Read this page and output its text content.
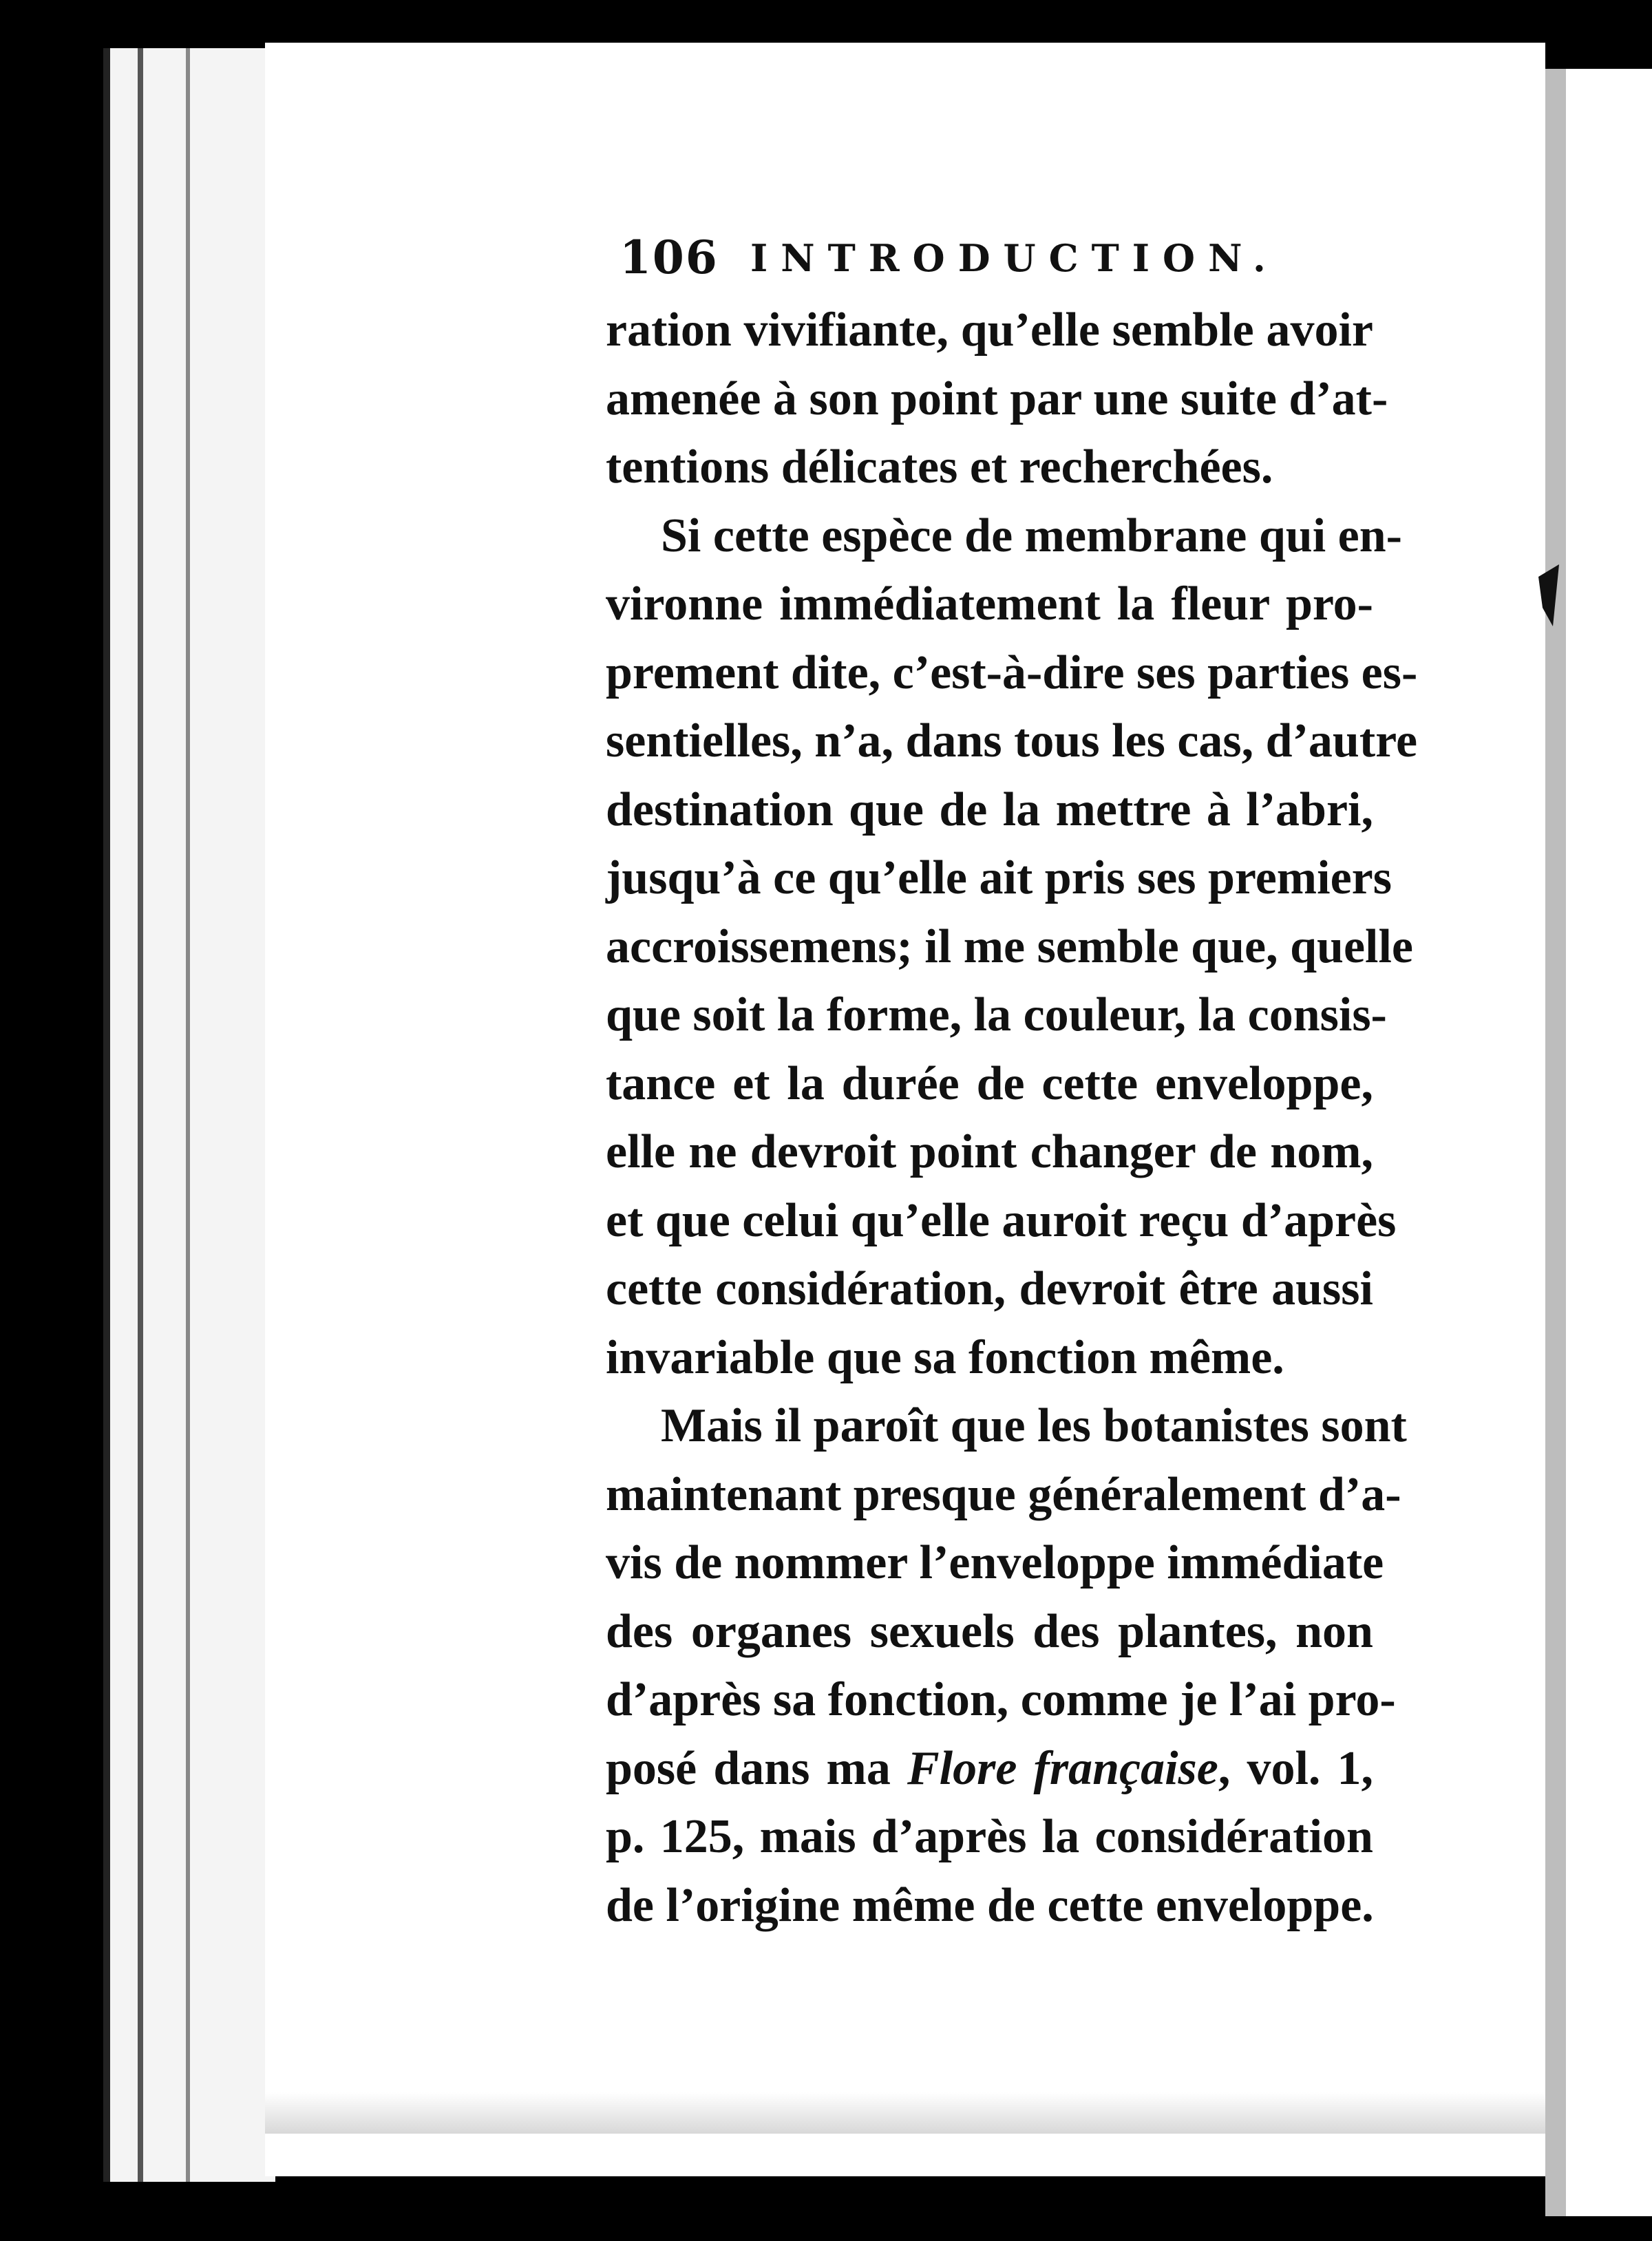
106 INTRODUCTION.
ration vivifiante, qu’elle semble avoir
amenée à son point par une suite d’at-
tentions délicates et recherchées.
Si cette espèce de membrane qui en-
vironne immédiatement la fleur pro-
prement dite, c’est-à-dire ses parties es-
sentielles, n’a, dans tous les cas, d’autre
destination que de la mettre à l’abri,
jusqu’à ce qu’elle ait pris ses premiers
accroissemens; il me semble que, quelle
que soit la forme, la couleur, la consis-
tance et la durée de cette enveloppe,
elle ne devroit point changer de nom,
et que celui qu’elle auroit reçu d’après
cette considération, devroit être aussi
invariable que sa fonction même.
Mais il paroît que les botanistes sont
maintenant presque généralement d’a-
vis de nommer l’enveloppe immédiate
des organes sexuels des plantes, non
d’après sa fonction, comme je l’ai pro-
posé dans ma Flore française, vol. 1,
p. 125, mais d’après la considération
de l’origine même de cette enveloppe.
